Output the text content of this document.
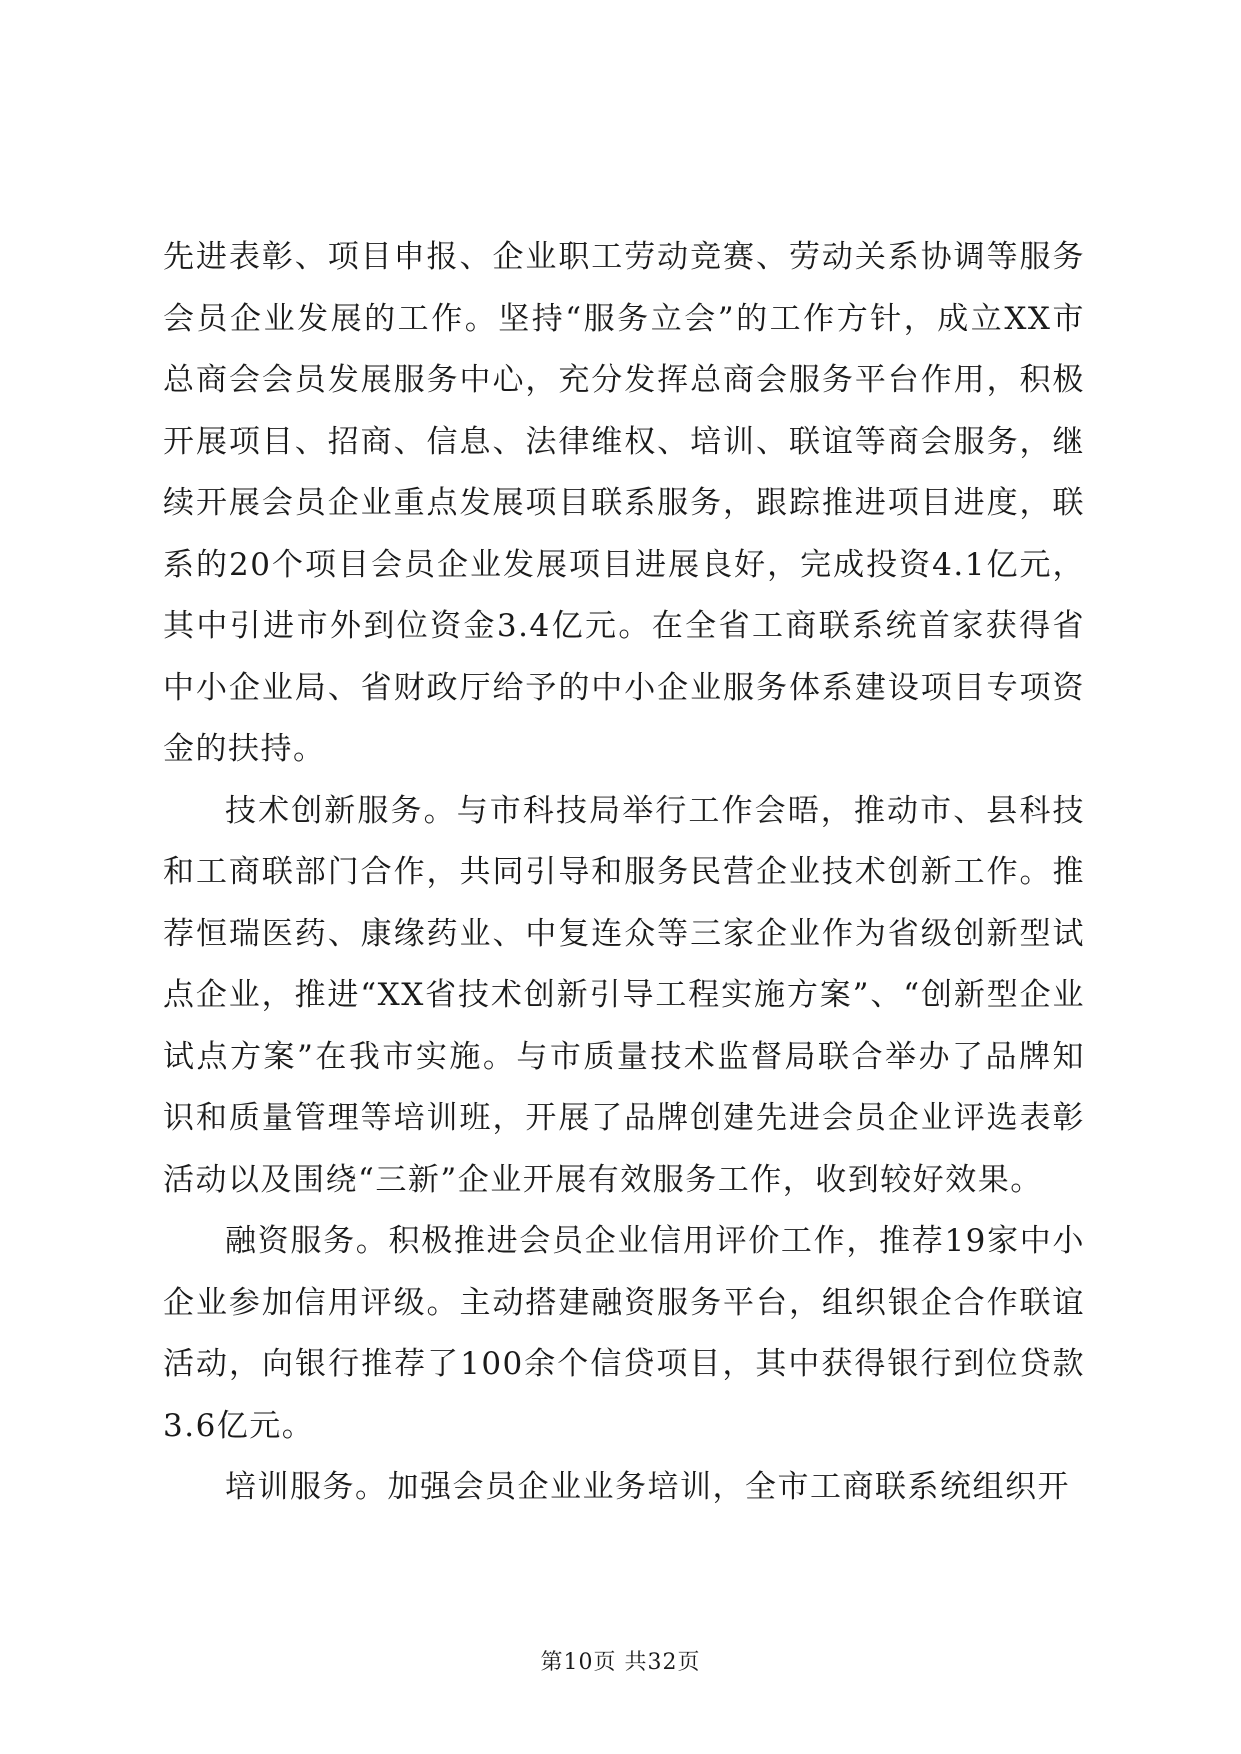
先进表彰、项目申报、企业职工劳动竞赛、劳动关系协调等服务会员企业发展的工作。坚持“服务立会”的工作方针，成立XX市总商会会员发展服务中心，充分发挥总商会服务平台作用，积极开展项目、招商、信息、法律维权、培训、联谊等商会服务，继续开展会员企业重点发展项目联系服务，跟踪推进项目进度，联系的20个项目会员企业发展项目进展良好，完成投资4.1亿元，其中引进市外到位资金3.4亿元。在全省工商联系统首家获得省中小企业局、省财政厅给予的中小企业服务体系建设项目专项资金的扶持。

技术创新服务。与市科技局举行工作会晤，推动市、县科技和工商联部门合作，共同引导和服务民营企业技术创新工作。推荐恒瑞医药、康缘药业、中复连众等三家企业作为省级创新型试点企业，推进“XX省技术创新引导工程实施方案”、“创新型企业试点方案”在我市实施。与市质量技术监督局联合举办了品牌知识和质量管理等培训班，开展了品牌创建先进会员企业评选表彰活动以及围绕“三新”企业开展有效服务工作，收到较好效果。

融资服务。积极推进会员企业信用评价工作，推荐19家中小企业参加信用评级。主动搭建融资服务平台，组织银企合作联谊活动，向银行推荐了100余个信贷项目，其中获得银行到位贷款3.6亿元。

培训服务。加强会员企业业务培训，全市工商联系统组织开

第10页 共32页
